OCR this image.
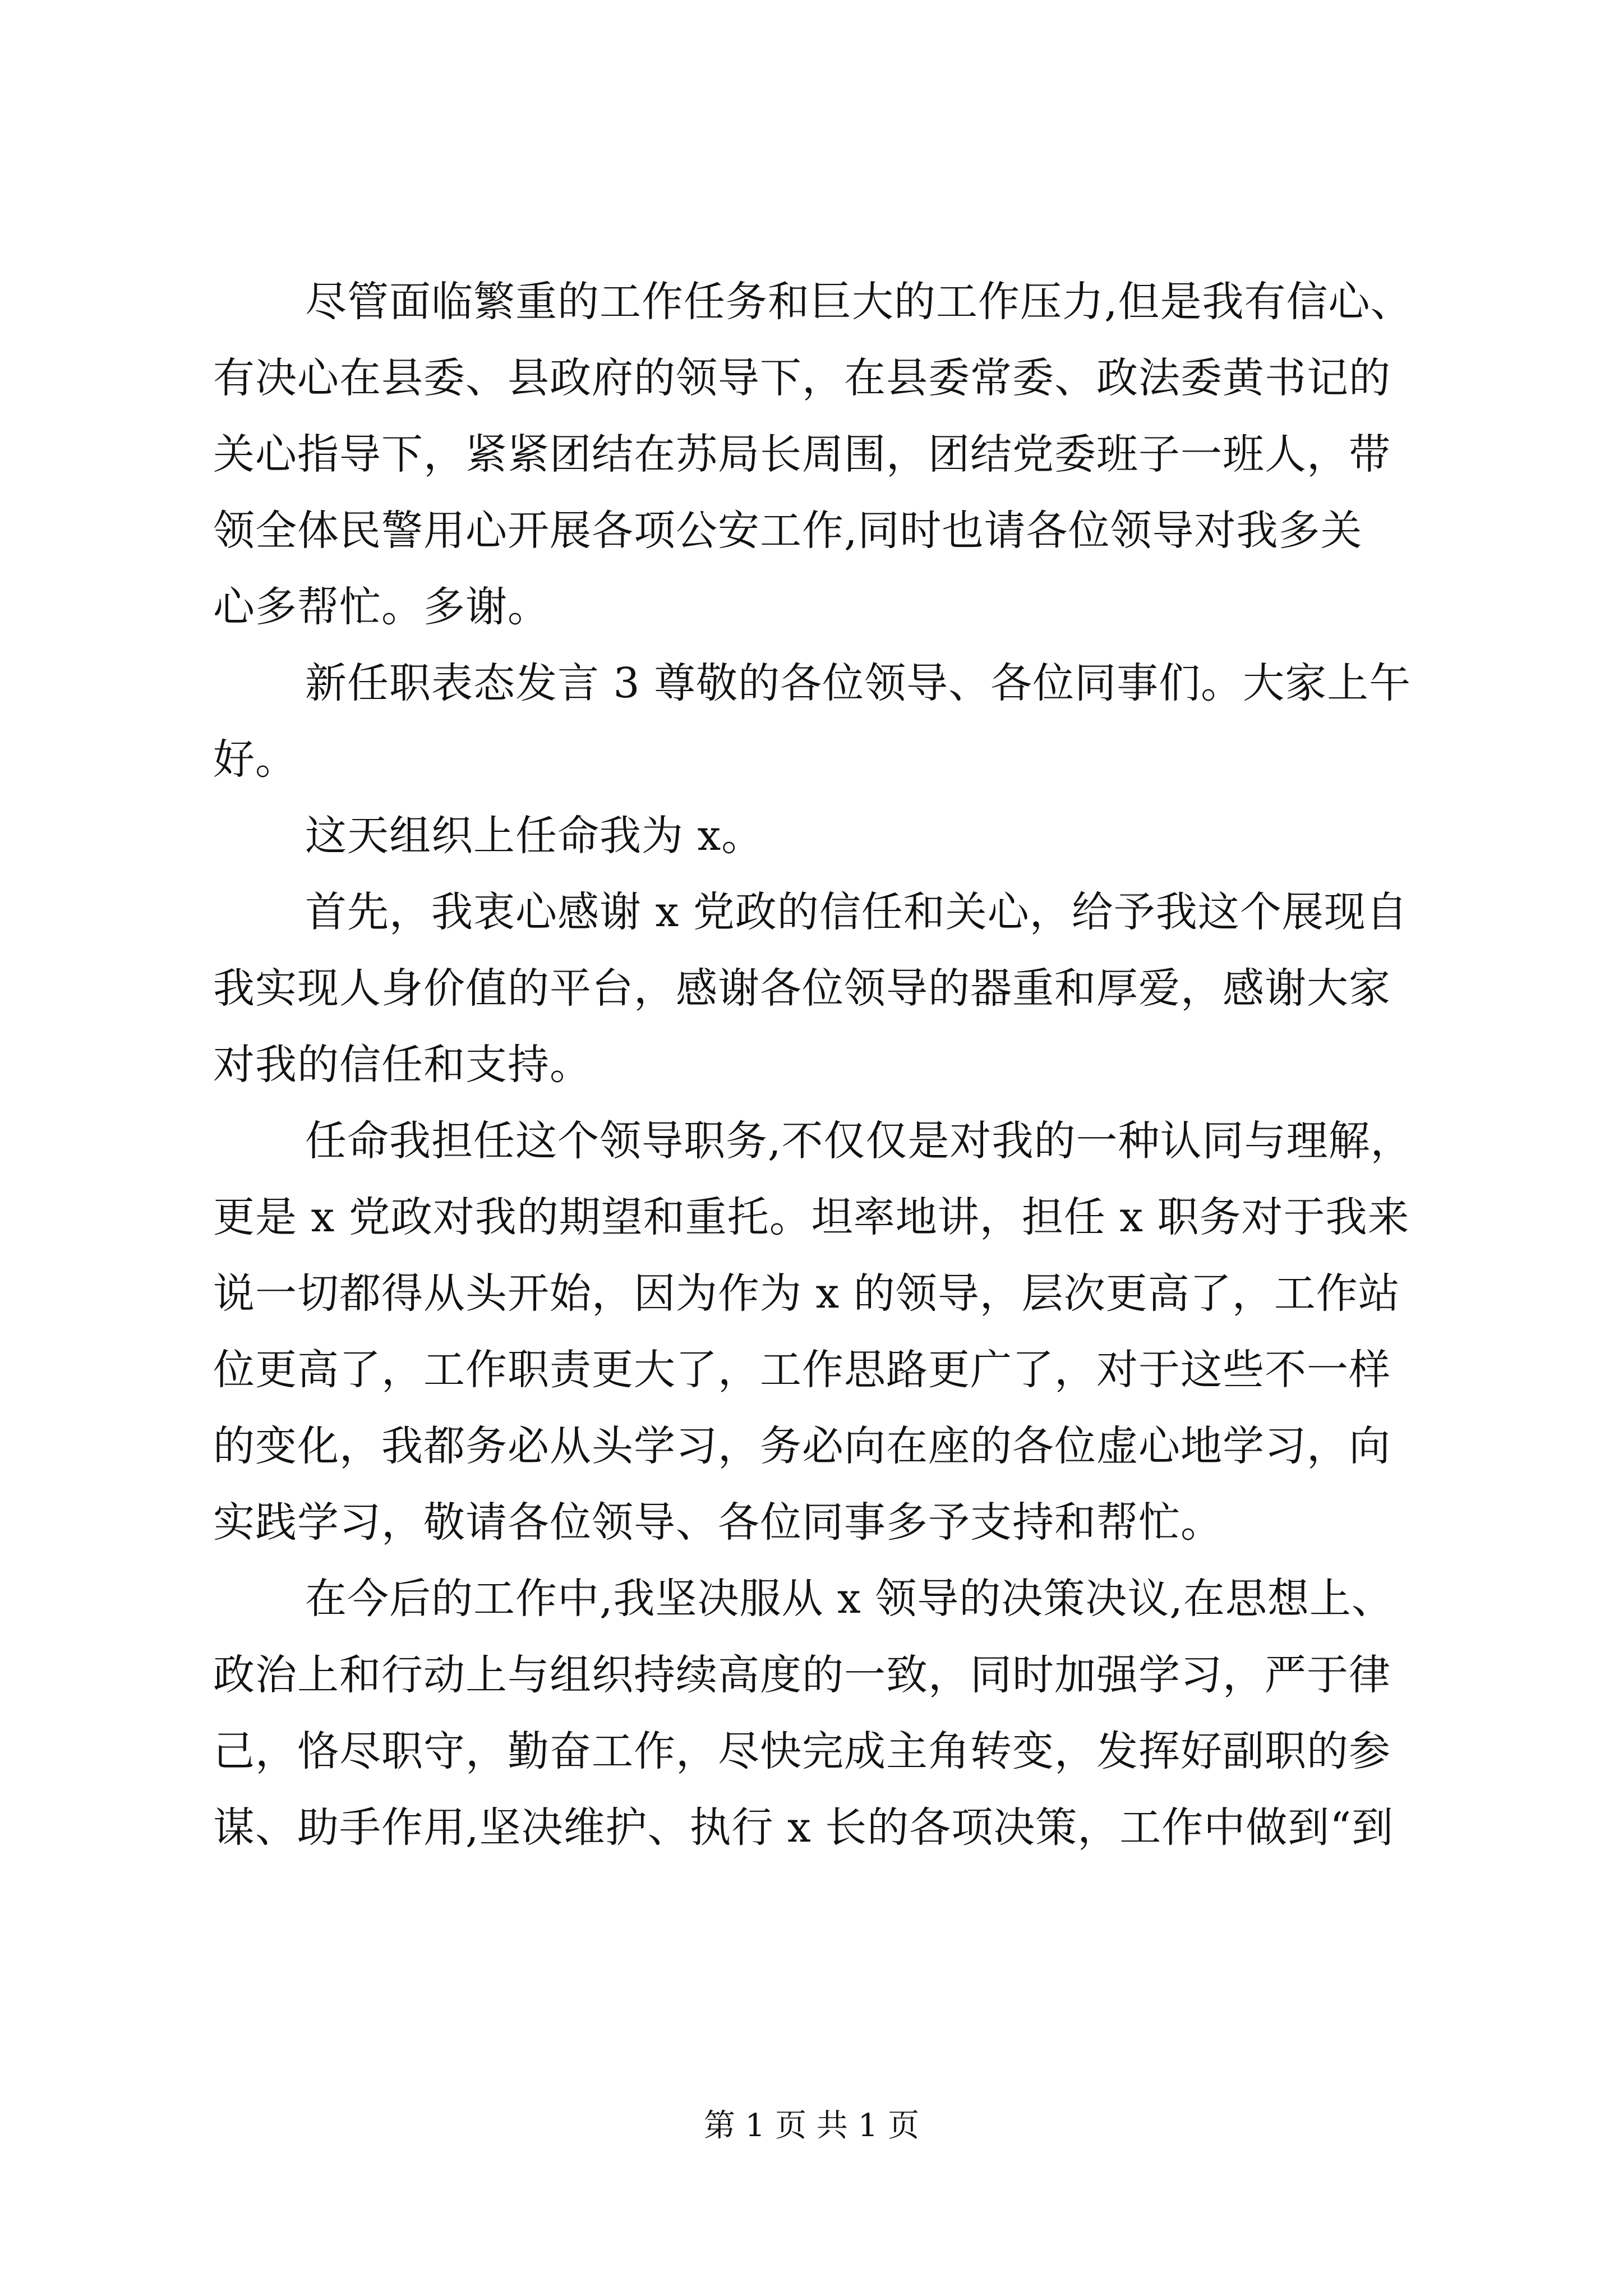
尽管面临繁重的工作任务和巨大的工作压力,但是我有信心、
有决心在县委、县政府的领导下，在县委常委、政法委黄书记的
关心指导下，紧紧团结在苏局长周围，团结党委班子一班人，带
领全体民警用心开展各项公安工作,同时也请各位领导对我多关
心多帮忙。多谢。
新任职表态发言 3 尊敬的各位领导、各位同事们。大家上午
好。
这天组织上任命我为 x。
首先，我衷心感谢 x 党政的信任和关心，给予我这个展现自
我实现人身价值的平台，感谢各位领导的器重和厚爱，感谢大家
对我的信任和支持。
任命我担任这个领导职务,不仅仅是对我的一种认同与理解，
更是 x 党政对我的期望和重托。坦率地讲，担任 x 职务对于我来
说一切都得从头开始，因为作为 x 的领导，层次更高了，工作站
位更高了，工作职责更大了，工作思路更广了，对于这些不一样
的变化，我都务必从头学习，务必向在座的各位虚心地学习，向
实践学习，敬请各位领导、各位同事多予支持和帮忙。
在今后的工作中,我坚决服从 x 领导的决策决议,在思想上、
政治上和行动上与组织持续高度的一致，同时加强学习，严于律
己，恪尽职守，勤奋工作，尽快完成主角转变，发挥好副职的参
谋、助手作用,坚决维护、执行 x 长的各项决策，工作中做到“到
第 1 页 共 1 页
